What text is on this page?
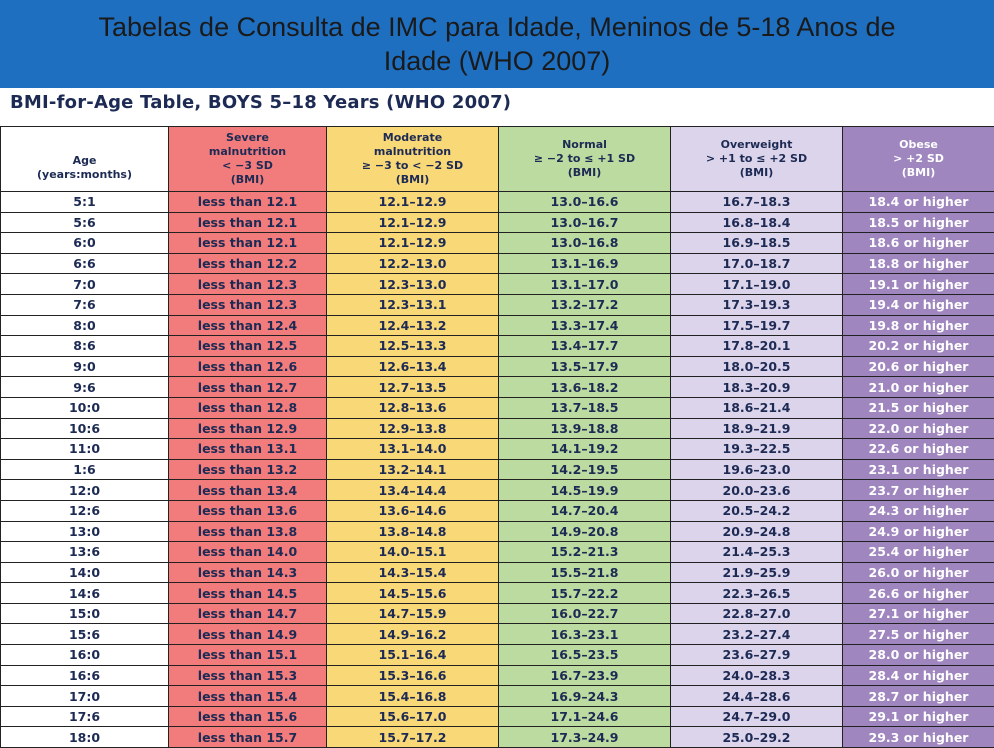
Tabelas de Consulta de IMC para Idade, Meninos de 5-18 Anos de
Idade (WHO 2007)
BMI-for-Age Table, BOYS 5–18 Years (WHO 2007)
Age
(years:months)	Severe
malnutrition
< −3 SD
(BMI)	Moderate
malnutrition
≥ −3 to < −2 SD
(BMI)	Normal
≥ −2 to ≤ +1 SD
(BMI)	Overweight
> +1 to ≤ +2 SD
(BMI)	Obese
> +2 SD
(BMI)

5:1	less than 12.1	12.1–12.9	13.0–16.6	16.7–18.3	18.4 or higher
5:6	less than 12.1	12.1–12.9	13.0–16.7	16.8–18.4	18.5 or higher
6:0	less than 12.1	12.1–12.9	13.0–16.8	16.9–18.5	18.6 or higher
6:6	less than 12.2	12.2–13.0	13.1–16.9	17.0–18.7	18.8 or higher
7:0	less than 12.3	12.3–13.0	13.1–17.0	17.1–19.0	19.1 or higher
7:6	less than 12.3	12.3–13.1	13.2–17.2	17.3–19.3	19.4 or higher
8:0	less than 12.4	12.4–13.2	13.3–17.4	17.5–19.7	19.8 or higher
8:6	less than 12.5	12.5–13.3	13.4–17.7	17.8–20.1	20.2 or higher
9:0	less than 12.6	12.6–13.4	13.5–17.9	18.0–20.5	20.6 or higher
9:6	less than 12.7	12.7–13.5	13.6–18.2	18.3–20.9	21.0 or higher
10:0	less than 12.8	12.8–13.6	13.7–18.5	18.6–21.4	21.5 or higher
10:6	less than 12.9	12.9–13.8	13.9–18.8	18.9–21.9	22.0 or higher
11:0	less than 13.1	13.1–14.0	14.1–19.2	19.3–22.5	22.6 or higher
1:6	less than 13.2	13.2–14.1	14.2–19.5	19.6–23.0	23.1 or higher
12:0	less than 13.4	13.4–14.4	14.5–19.9	20.0–23.6	23.7 or higher
12:6	less than 13.6	13.6–14.6	14.7–20.4	20.5–24.2	24.3 or higher
13:0	less than 13.8	13.8–14.8	14.9–20.8	20.9–24.8	24.9 or higher
13:6	less than 14.0	14.0–15.1	15.2–21.3	21.4–25.3	25.4 or higher
14:0	less than 14.3	14.3–15.4	15.5–21.8	21.9–25.9	26.0 or higher
14:6	less than 14.5	14.5–15.6	15.7–22.2	22.3–26.5	26.6 or higher
15:0	less than 14.7	14.7–15.9	16.0–22.7	22.8–27.0	27.1 or higher
15:6	less than 14.9	14.9–16.2	16.3–23.1	23.2–27.4	27.5 or higher
16:0	less than 15.1	15.1–16.4	16.5–23.5	23.6–27.9	28.0 or higher
16:6	less than 15.3	15.3–16.6	16.7–23.9	24.0–28.3	28.4 or higher
17:0	less than 15.4	15.4–16.8	16.9–24.3	24.4–28.6	28.7 or higher
17:6	less than 15.6	15.6–17.0	17.1–24.6	24.7–29.0	29.1 or higher
18:0	less than 15.7	15.7–17.2	17.3–24.9	25.0–29.2	29.3 or higher
